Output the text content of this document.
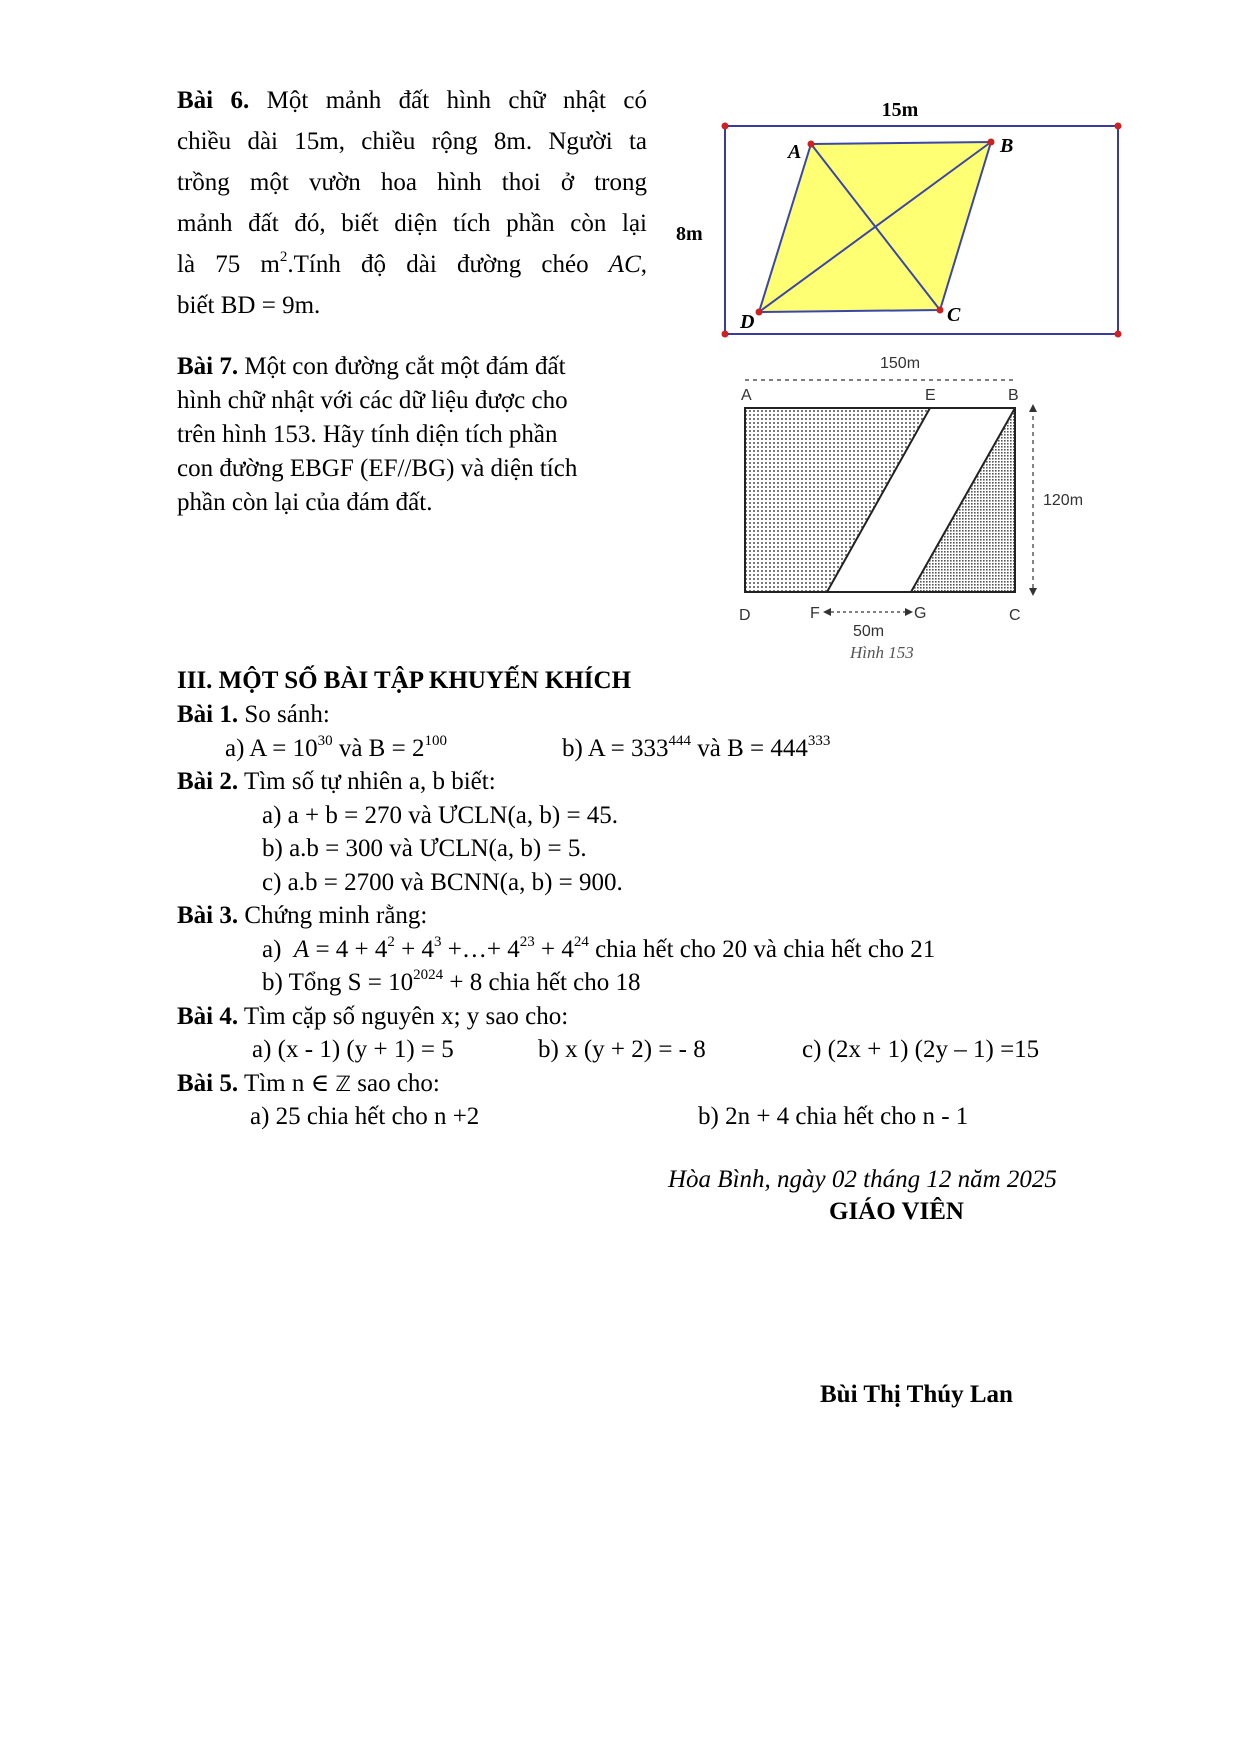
Bài 6. Một mảnh đất hình chữ nhật có
chiều dài 15m, chiều rộng 8m. Người ta
trồng một vườn hoa hình thoi ở trong
mảnh đất đó, biết diện tích phần còn lại
là 75 $m^2.Tính$ độ dài đường chéo AC,
biết BD = 9m.
15m
8m
A	B
C
D
Bài 7. Một con đường cắt một đám đất
hình chữ nhật với các dữ liệu được cho
trên hình 153. Hãy tính diện tích phần
con đường EBGF (EF//BG) và diện tích
phần còn lại của đám đất.
150m
A	E	B
120m
D	F	G	C
50m
Hình 153
III. MỘT SỐ BÀI TẬP KHUYẾN KHÍCH
Bài 1. So sánh:
a) $A = 10^{30}$ và $B = 2^{100}$	b) $A = 333^{444}$ và $B = 444^{333}$
Bài 2. Tìm số tự nhiên a, b biết:
a) a + b = 270 và ƯCLN(a, b) = 45.
b) a.b = 300 và ƯCLN(a, b) = 5.
c) a.b = 2700 và BCNN(a, b) = 900.
Bài 3. Chứng minh rằng:
a) $A = 4 + 4^2 + 4^3$ +…+ $4^{23} + 4^{24}$ chia hết cho 20 và chia hết cho 21
b) Tổng $S = 10^{2024} + 8$ chia hết cho 18
Bài 4. Tìm cặp số nguyên x; y sao cho:
a) (x - 1) (y + 1) = 5	b) x (y + 2) = - 8	c) (2x + 1) (2y – 1) =15
Bài 5. Tìm n ∈ ℤ sao cho:
a) 25 chia hết cho n +2	b) 2n + 4 chia hết cho n - 1
Hòa Bình, ngày 02 tháng 12 năm 2025
GIÁO VIÊN
Bùi Thị Thúy Lan
